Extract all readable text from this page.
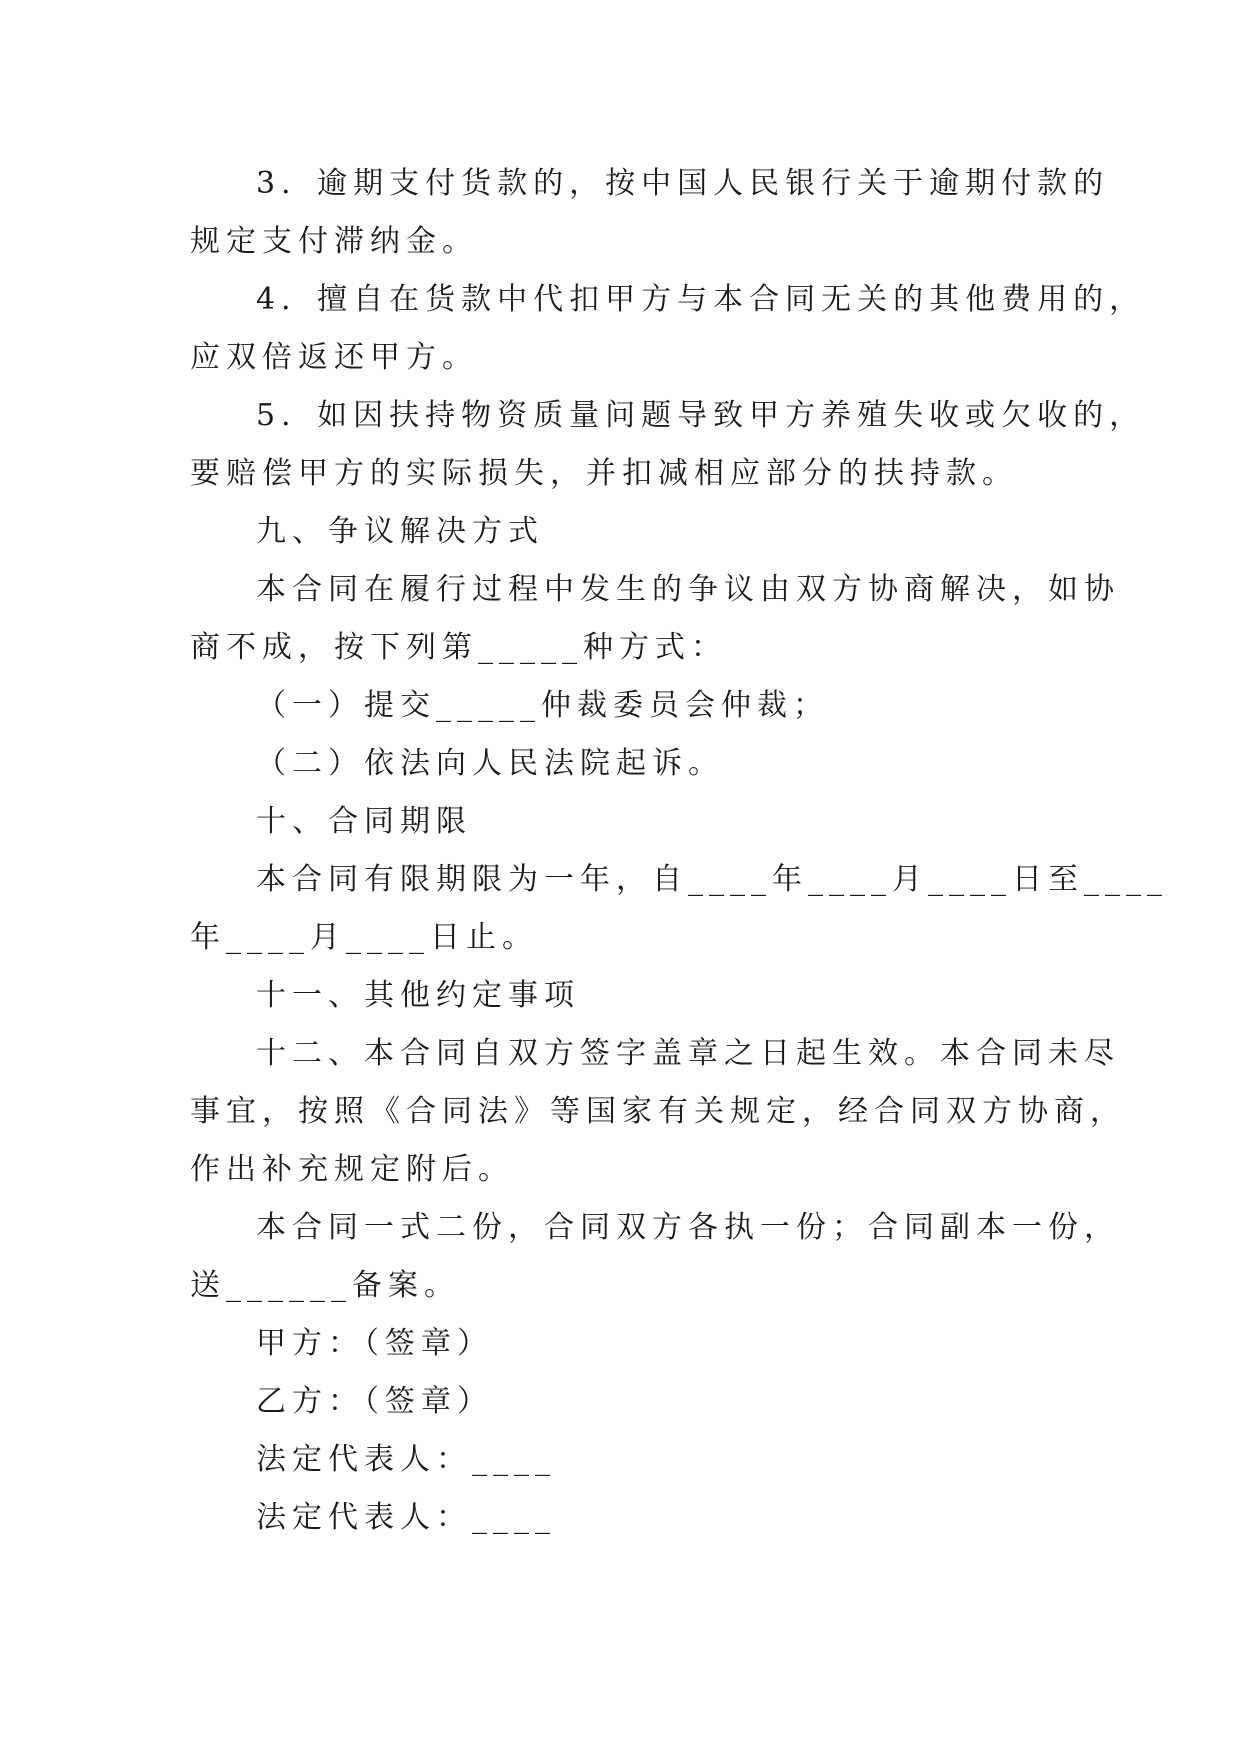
3．逾期支付货款的，按中国人民银行关于逾期付款的
规定支付滞纳金。

4．擅自在货款中代扣甲方与本合同无关的其他费用的，
应双倍返还甲方。

5．如因扶持物资质量问题导致甲方养殖失收或欠收的，
要赔偿甲方的实际损失，并扣减相应部分的扶持款。

九、争议解决方式

本合同在履行过程中发生的争议由双方协商解决，如协
商不成，按下列第_____种方式：

（一）提交_____仲裁委员会仲裁；

（二）依法向人民法院起诉。

十、合同期限

本合同有限期限为一年，自____年____月____日至____
年____月____日止。

十一、其他约定事项

十二、本合同自双方签字盖章之日起生效。本合同未尽
事宜，按照《合同法》等国家有关规定，经合同双方协商，
作出补充规定附后。

本合同一式二份，合同双方各执一份；合同副本一份，
送______备案。

甲方：（签章）

乙方：（签章）

法定代表人：____

法定代表人：____
